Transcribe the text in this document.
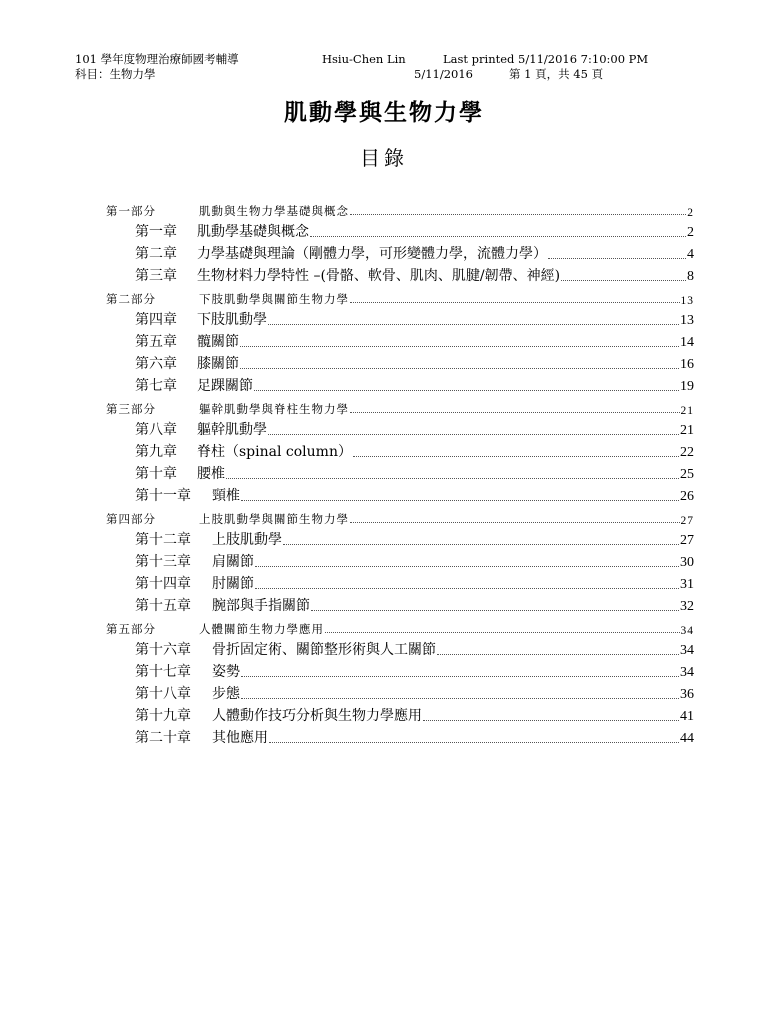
101 學年度物理治療師國考輔導	Hsiu-Chen Lin	Last printed 5/11/2016 7:10:00 PM
科目：生物力學	5/11/2016	第 1 頁，共 45 頁
肌動學與生物力學
目錄
第一部分	肌動與生物力學基礎與概念	2
第一章	肌動學基礎與概念	2
第二章	力學基礎與理論（剛體力學，可形變體力學，流體力學）	4
第三章	生物材料力學特性 –(骨骼、軟骨、肌肉、肌腱/韌帶、神經)	8
第二部分	下肢肌動學與關節生物力學	13
第四章	下肢肌動學	13
第五章	髖關節	14
第六章	膝關節	16
第七章	足踝關節	19
第三部分	軀幹肌動學與脊柱生物力學	21
第八章	軀幹肌動學	21
第九章	脊柱（spinal column）	22
第十章	腰椎	25
第十一章	頸椎	26
第四部分	上肢肌動學與關節生物力學	27
第十二章	上肢肌動學	27
第十三章	肩關節	30
第十四章	肘關節	31
第十五章	腕部與手指關節	32
第五部分	人體關節生物力學應用	34
第十六章	骨折固定術、關節整形術與人工關節	34
第十七章	姿勢	34
第十八章	步態	36
第十九章	人體動作技巧分析與生物力學應用	41
第二十章	其他應用	44
